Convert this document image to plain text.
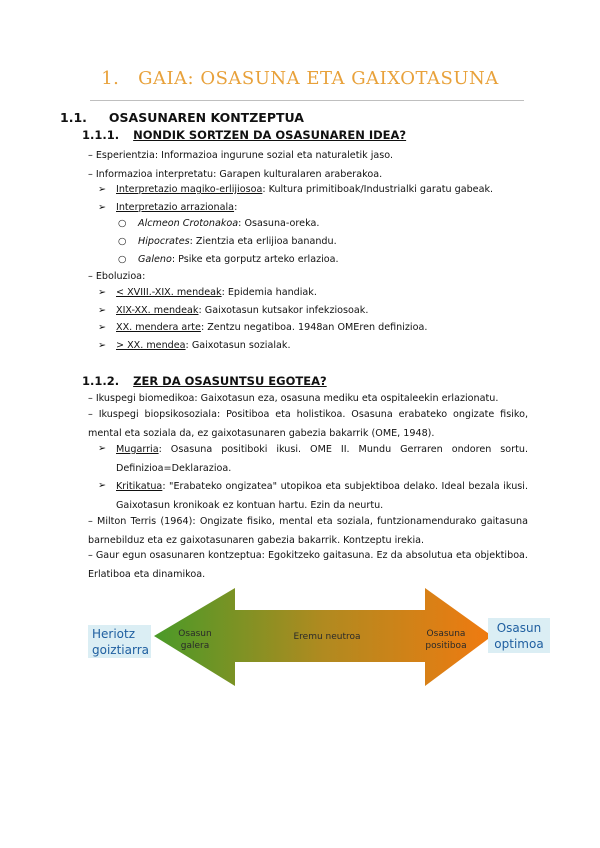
1. GAIA: OSASUNA ETA GAIXOTASUNA
1.1. OSASUNAREN KONTZEPTUA
1.1.1. NONDIK SORTZEN DA OSASUNAREN IDEA?
– Esperientzia: Informazioa ingurune sozial eta naturaletik jaso.
– Informazioa interpretatu: Garapen kulturalaren araberakoa.
➢ Interpretazio magiko-erlijiosoa: Kultura primitiboak/Industrialki garatu gabeak.
➢ Interpretazio arrazionala:
○ Alcmeon Crotonakoa: Osasuna-oreka.
○ Hipocrates: Zientzia eta erlijioa banandu.
○ Galeno: Psike eta gorputz arteko erlazioa.
– Eboluzioa:
➢ < XVIII.-XIX. mendeak: Epidemia handiak.
➢ XIX-XX. mendeak: Gaixotasun kutsakor infekziosoak.
➢ XX. mendera arte: Zentzu negatiboa. 1948an OMEren definizioa.
➢ > XX. mendea: Gaixotasun sozialak.
1.1.2. ZER DA OSASUNTSU EGOTEA?
– Ikuspegi biomedikoa: Gaixotasun eza, osasuna mediku eta ospitaleekin erlazionatu.
– Ikuspegi biopsikosoziala: Positiboa eta holistikoa. Osasuna erabateko ongizate fisiko, mental eta soziala da, ez gaixotasunaren gabezia bakarrik (OME, 1948).
➢ Mugarria: Osasuna positiboki ikusi. OME II. Mundu Gerraren ondoren sortu. Definizioa=Deklarazioa.
➢ Kritikatua: "Erabateko ongizatea" utopikoa eta subjektiboa delako. Ideal bezala ikusi. Gaixotasun kronikoak ez kontuan hartu. Ezin da neurtu.
– Milton Terris (1964): Ongizate fisiko, mental eta soziala, funtzionamendurako gaitasuna barnebilduz eta ez gaixotasunaren gabezia bakarrik. Kontzeptu irekia.
– Gaur egun osasunaren kontzeptua: Egokitzeko gaitasuna. Ez da absolutua eta objektiboa. Erlatiboa eta dinamikoa.
Heriotz goiztiarra
Osasun optimoa
Osasun galera
Eremu neutroa	Osasuna positiboa
